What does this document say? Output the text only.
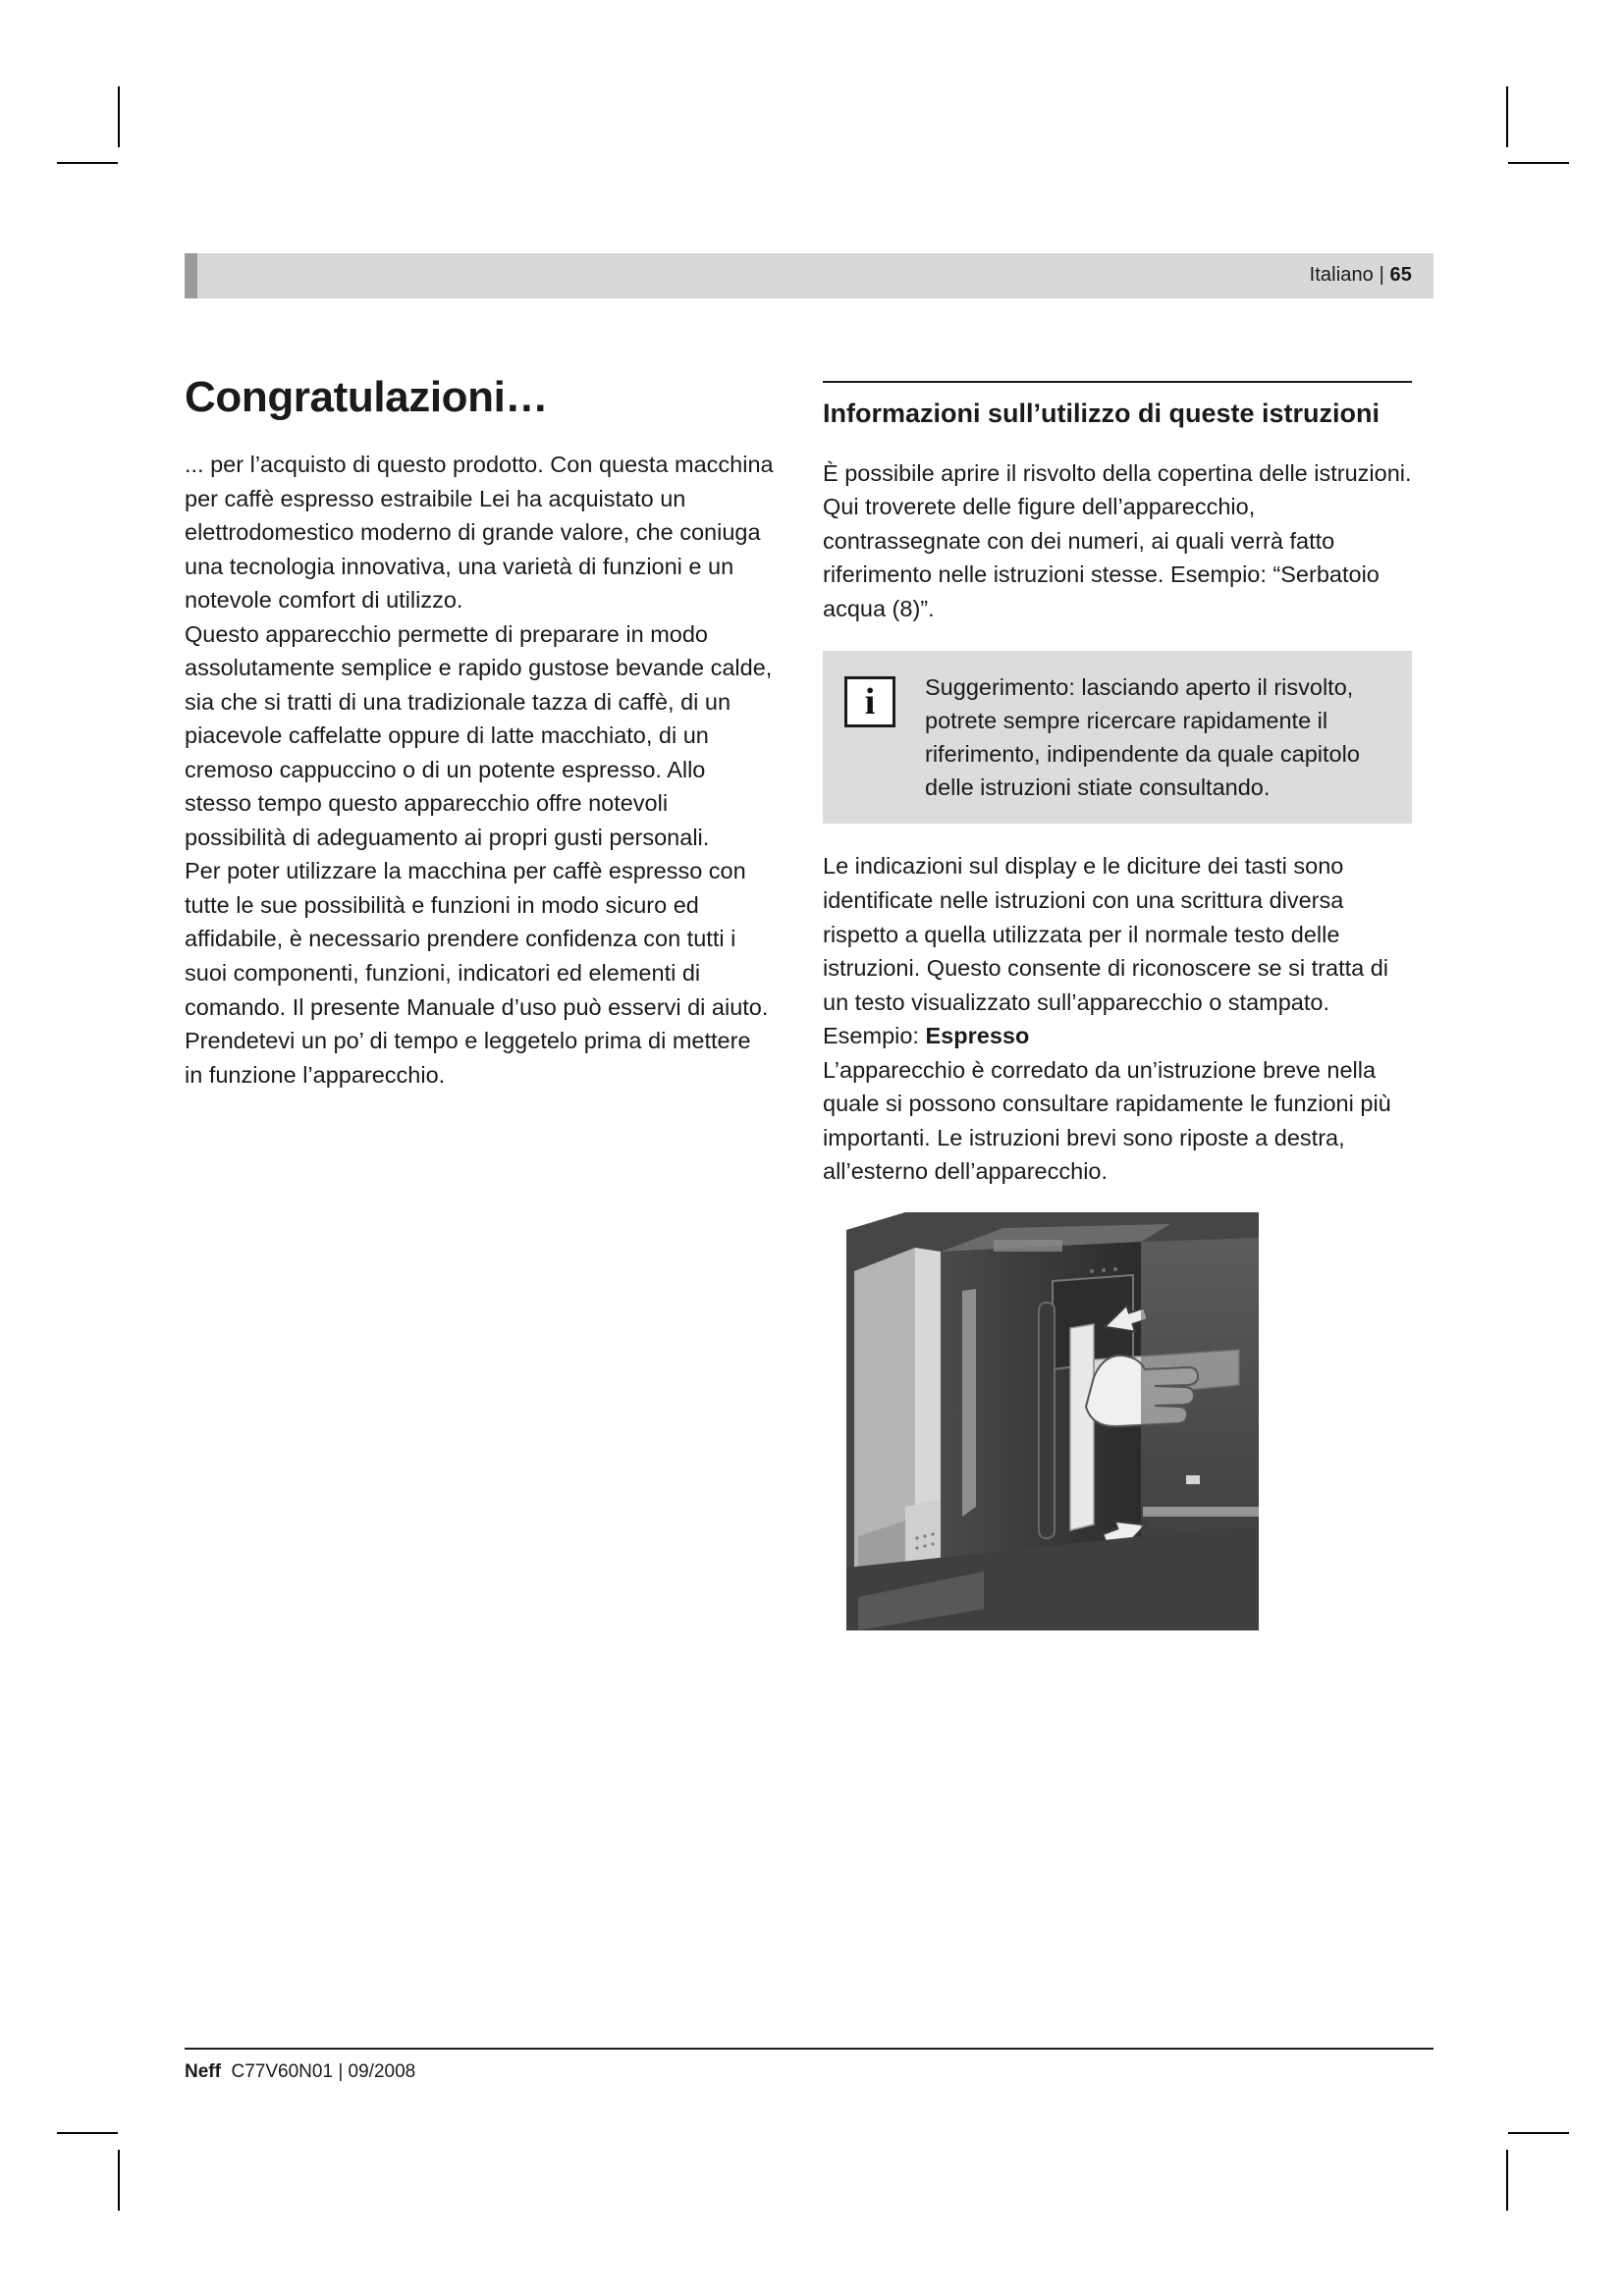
Italiano | 65
Congratulazioni…

... per l’acquisto di questo prodotto. Con questa macchina per caffè espresso estraibile Lei ha acquistato un elettrodomestico moderno di grande valore, che coniuga una tecnologia innovativa, una varietà di funzioni e un notevole comfort di utilizzo.

Questo apparecchio permette di preparare in modo assolutamente semplice e rapido gustose bevande calde, sia che si tratti di una tradizionale tazza di caffè, di un piacevole caffelatte oppure di latte macchiato, di un cremoso cappuccino o di un potente espresso. Allo stesso tempo questo apparecchio offre notevoli possibilità di adeguamento ai propri gusti personali.

Per poter utilizzare la macchina per caffè espresso con tutte le sue possibilità e funzioni in modo sicuro ed affidabile, è necessario prendere confidenza con tutti i suoi componenti, funzioni, indicatori ed elementi di comando. Il presente Manuale d’uso può esservi di aiuto. Prendetevi un po’ di tempo e leggetelo prima di mettere in funzione l’apparecchio.

Informazioni sull’utilizzo di queste istruzioni

È possibile aprire il risvolto della copertina delle istruzioni. Qui troverete delle figure dell’apparecchio, contrassegnate con dei numeri, ai quali verrà fatto riferimento nelle istruzioni stesse. Esempio: “Serbatoio acqua (8)”.

i	Suggerimento: lasciando aperto il risvolto, potrete sempre ricercare rapidamente il riferimento, indipendente da quale capitolo delle istruzioni stiate consultando.

Le indicazioni sul display e le diciture dei tasti sono identificate nelle istruzioni con una scrittura diversa rispetto a quella utilizzata per il normale testo delle istruzioni. Questo consente di riconoscere se si tratta di un testo visualizzato sull’apparecchio o stampato.

Esempio: Espresso

L’apparecchio è corredato da un’istruzione breve nella quale si possono consultare rapidamente le funzioni più importanti. Le istruzioni brevi sono riposte a destra, all’esterno dell’apparecchio.

Neff C77V60N01 | 09/2008
